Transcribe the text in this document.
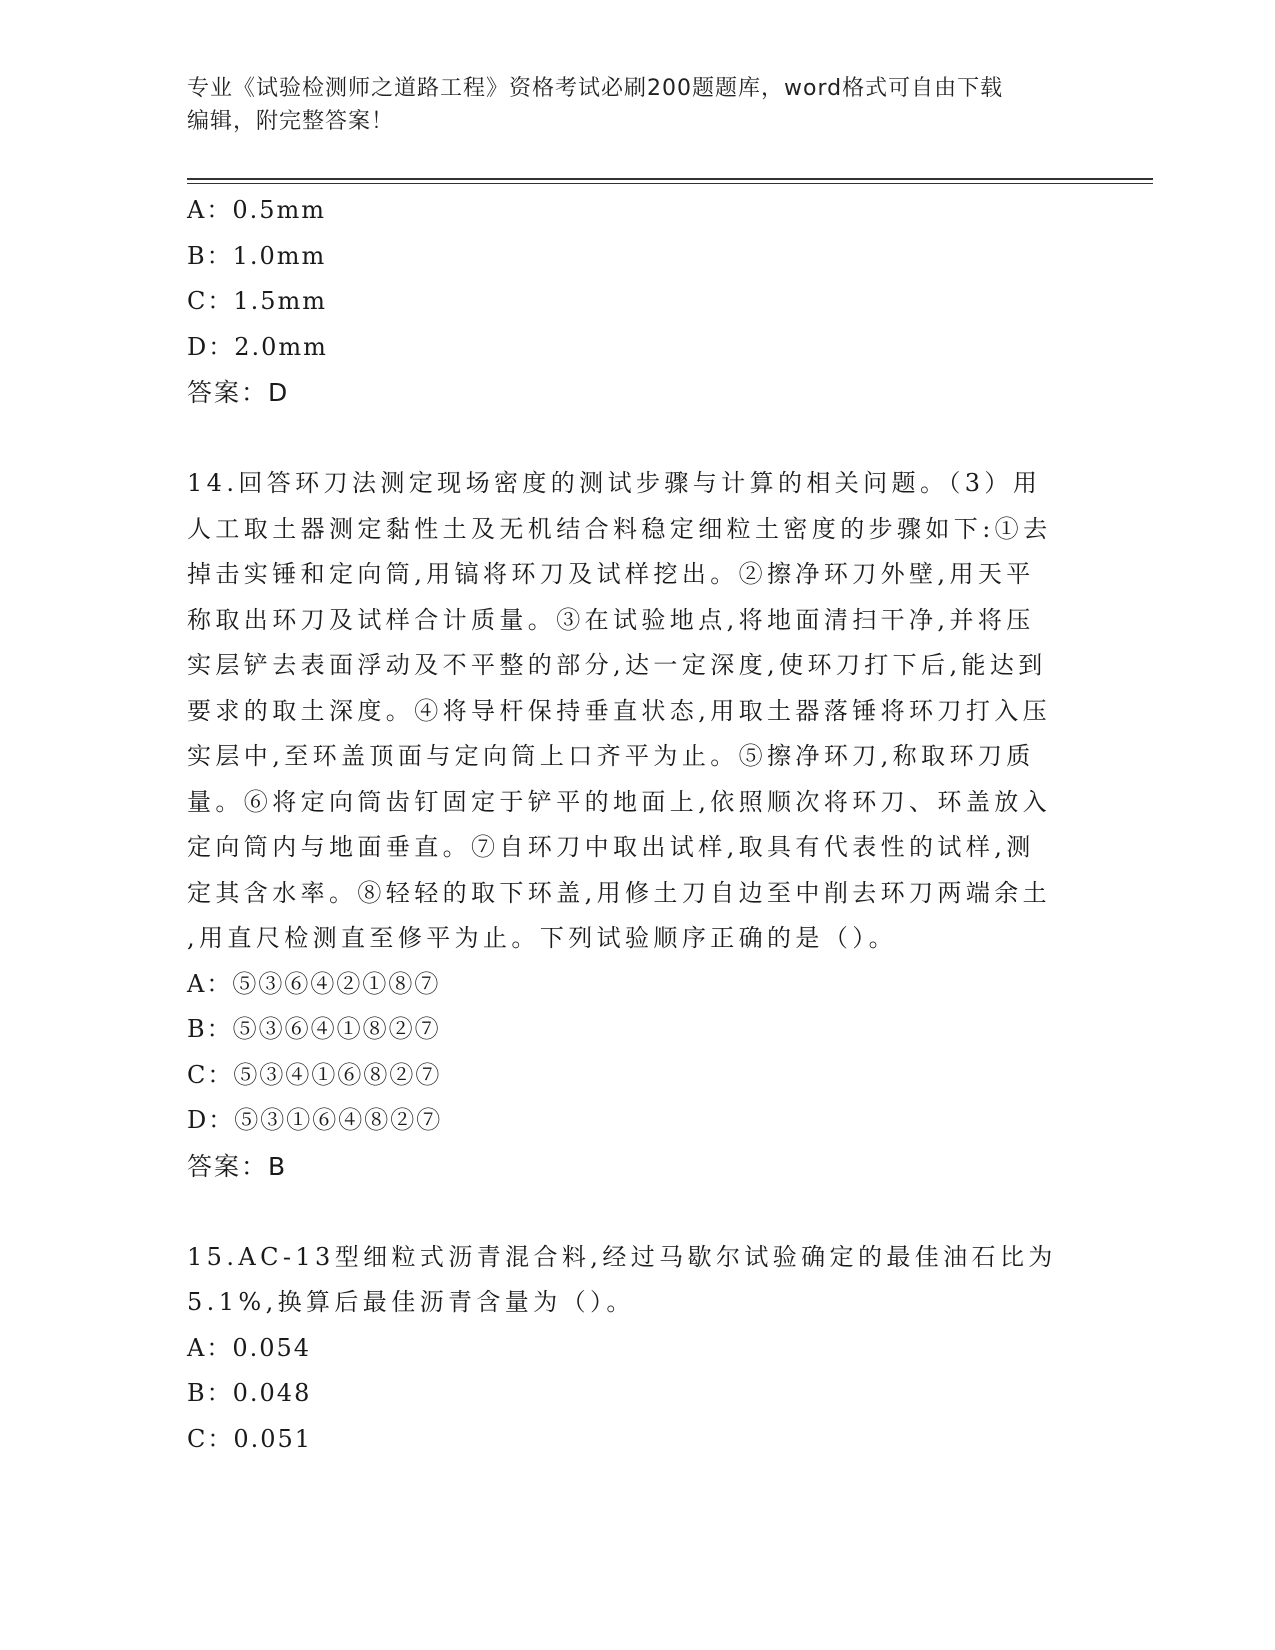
专业《试验检测师之道路工程》资格考试必刷200题题库，word格式可自由下载
编辑，附完整答案！
A：0.5mm
B：1.0mm
C：1.5mm
D：2.0mm
答案：D
14.回答环刀法测定现场密度的测试步骤与计算的相关问题。（3）用
人工取土器测定黏性土及无机结合料稳定细粒土密度的步骤如下:①去
掉击实锤和定向筒,用镐将环刀及试样挖出。②擦净环刀外壁,用天平
称取出环刀及试样合计质量。③在试验地点,将地面清扫干净,并将压
实层铲去表面浮动及不平整的部分,达一定深度,使环刀打下后,能达到
要求的取土深度。④将导杆保持垂直状态,用取土器落锤将环刀打入压
实层中,至环盖顶面与定向筒上口齐平为止。⑤擦净环刀,称取环刀质
量。⑥将定向筒齿钉固定于铲平的地面上,依照顺次将环刀、环盖放入
定向筒内与地面垂直。⑦自环刀中取出试样,取具有代表性的试样,测
定其含水率。⑧轻轻的取下环盖,用修土刀自边至中削去环刀两端余土
,用直尺检测直至修平为止。下列试验顺序正确的是（）。
A：⑤③⑥④②①⑧⑦
B：⑤③⑥④①⑧②⑦
C：⑤③④①⑥⑧②⑦
D：⑤③①⑥④⑧②⑦
答案：B
15.AC-13型细粒式沥青混合料,经过马歇尔试验确定的最佳油石比为
5.1%,换算后最佳沥青含量为（）。
A：0.054
B：0.048
C：0.051
